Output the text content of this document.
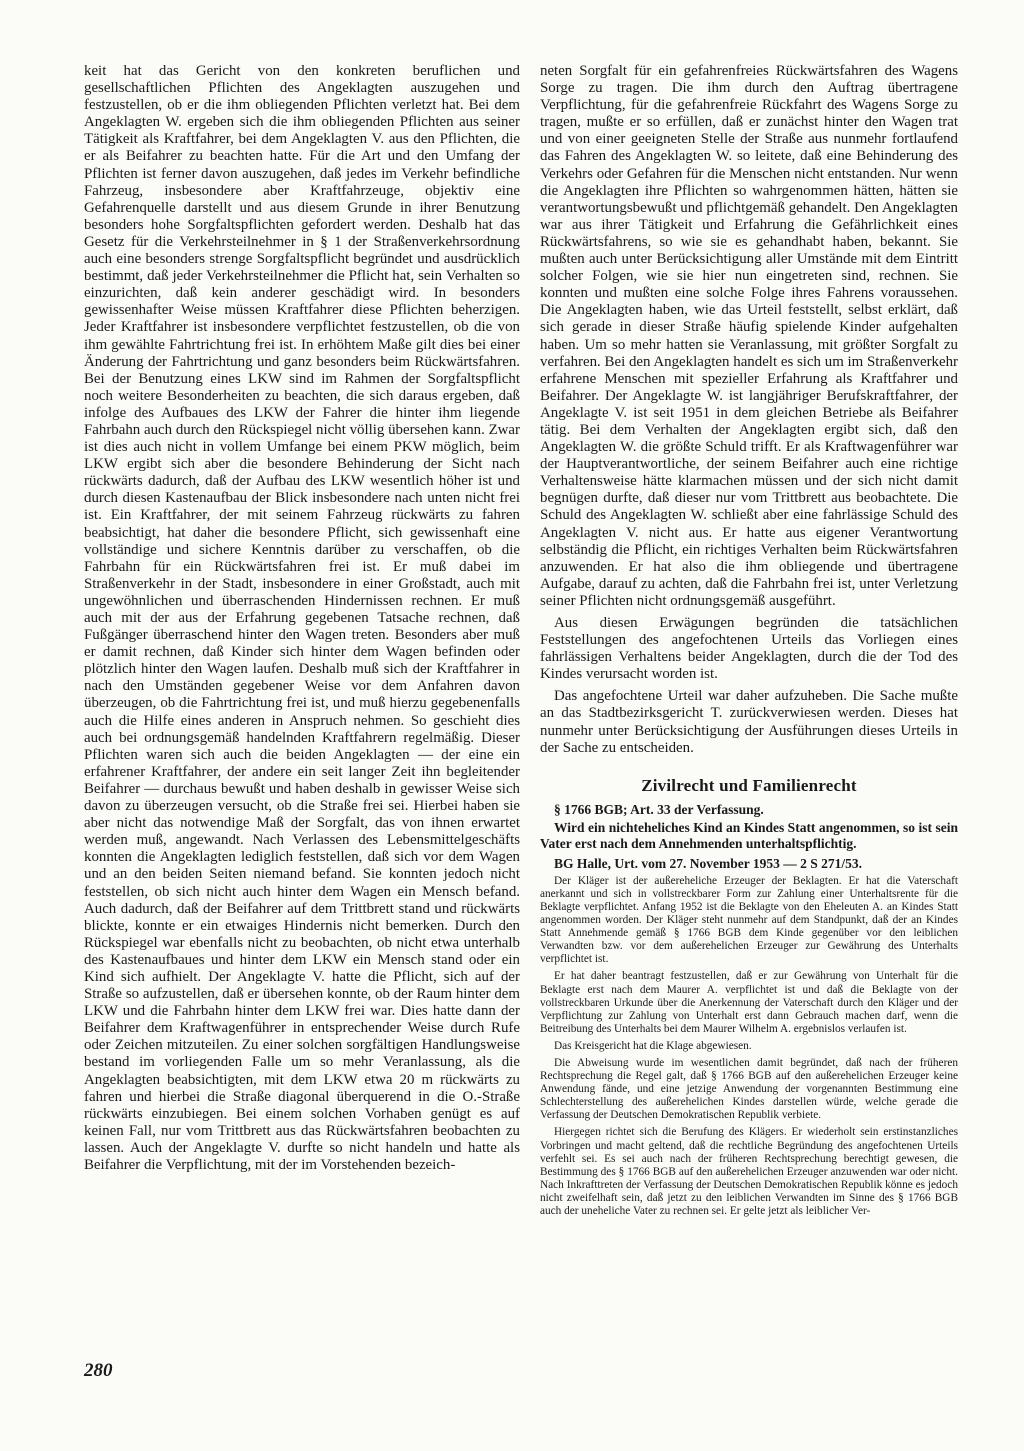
keit hat das Gericht von den konkreten beruflichen und gesellschaftlichen Pflichten des Angeklagten auszugehen und festzustellen, ob er die ihm obliegenden Pflichten verletzt hat. Bei dem Angeklagten W. ergeben sich die ihm obliegenden Pflichten aus seiner Tätigkeit als Kraftfahrer, bei dem Angeklagten V. aus den Pflichten, die er als Beifahrer zu beachten hatte. Für die Art und den Umfang der Pflichten ist ferner davon auszugehen, daß jedes im Verkehr befindliche Fahrzeug, insbesondere aber Kraftfahrzeuge, objektiv eine Gefahrenquelle darstellt und aus diesem Grunde in ihrer Benutzung besonders hohe Sorgfaltspflichten gefordert werden. Deshalb hat das Gesetz für die Verkehrsteilnehmer in § 1 der Straßenverkehrsordnung auch eine besonders strenge Sorgfaltspflicht begründet und ausdrücklich bestimmt, daß jeder Verkehrsteilnehmer die Pflicht hat, sein Verhalten so einzurichten, daß kein anderer geschädigt wird. In besonders gewissenhafter Weise müssen Kraftfahrer diese Pflichten beherzigen. Jeder Kraftfahrer ist insbesondere verpflichtet festzustellen, ob die von ihm gewählte Fahrtrichtung frei ist. In erhöhtem Maße gilt dies bei einer Änderung der Fahrtrichtung und ganz besonders beim Rückwärtsfahren. Bei der Benutzung eines LKW sind im Rahmen der Sorgfaltspflicht noch weitere Besonderheiten zu beachten, die sich daraus ergeben, daß infolge des Aufbaues des LKW der Fahrer die hinter ihm liegende Fahrbahn auch durch den Rückspiegel nicht völlig übersehen kann. Zwar ist dies auch nicht in vollem Umfange bei einem PKW möglich, beim LKW ergibt sich aber die besondere Behinderung der Sicht nach rückwärts dadurch, daß der Aufbau des LKW wesentlich höher ist und durch diesen Kastenaufbau der Blick insbesondere nach unten nicht frei ist. Ein Kraftfahrer, der mit seinem Fahrzeug rückwärts zu fahren beabsichtigt, hat daher die besondere Pflicht, sich gewissenhaft eine vollständige und sichere Kenntnis darüber zu verschaffen, ob die Fahrbahn für ein Rückwärtsfahren frei ist. Er muß dabei im Straßenverkehr in der Stadt, insbesondere in einer Großstadt, auch mit ungewöhnlichen und überraschenden Hindernissen rechnen. Er muß auch mit der aus der Erfahrung gegebenen Tatsache rechnen, daß Fußgänger überraschend hinter den Wagen treten. Besonders aber muß er damit rechnen, daß Kinder sich hinter dem Wagen befinden oder plötzlich hinter den Wagen laufen. Deshalb muß sich der Kraftfahrer in nach den Umständen gegebener Weise vor dem Anfahren davon überzeugen, ob die Fahrtrichtung frei ist, und muß hierzu gegebenenfalls auch die Hilfe eines anderen in Anspruch nehmen. So geschieht dies auch bei ordnungsgemäß handelnden Kraftfahrern regelmäßig. Dieser Pflichten waren sich auch die beiden Angeklagten — der eine ein erfahrener Kraftfahrer, der andere ein seit langer Zeit ihn begleitender Beifahrer — durchaus bewußt und haben deshalb in gewisser Weise sich davon zu überzeugen versucht, ob die Straße frei sei. Hierbei haben sie aber nicht das notwendige Maß der Sorgfalt, das von ihnen erwartet werden muß, angewandt. Nach Verlassen des Lebensmittelgeschäfts konnten die Angeklagten lediglich feststellen, daß sich vor dem Wagen und an den beiden Seiten niemand befand. Sie konnten jedoch nicht feststellen, ob sich nicht auch hinter dem Wagen ein Mensch befand. Auch dadurch, daß der Beifahrer auf dem Trittbrett stand und rückwärts blickte, konnte er ein etwaiges Hindernis nicht bemerken. Durch den Rückspiegel war ebenfalls nicht zu beobachten, ob nicht etwa unterhalb des Kastenaufbaues und hinter dem LKW ein Mensch stand oder ein Kind sich aufhielt. Der Angeklagte V. hatte die Pflicht, sich auf der Straße so aufzustellen, daß er übersehen konnte, ob der Raum hinter dem LKW und die Fahrbahn hinter dem LKW frei war. Dies hatte dann der Beifahrer dem Kraftwagenführer in entsprechender Weise durch Rufe oder Zeichen mitzuteilen. Zu einer solchen sorgfältigen Handlungsweise bestand im vorliegenden Falle um so mehr Veranlassung, als die Angeklagten beabsichtigten, mit dem LKW etwa 20 m rückwärts zu fahren und hierbei die Straße diagonal überquerend in die O.-Straße rückwärts einzubiegen. Bei einem solchen Vorhaben genügt es auf keinen Fall, nur vom Trittbrett aus das Rückwärtsfahren beobachten zu lassen. Auch der Angeklagte V. durfte so nicht handeln und hatte als Beifahrer die Verpflichtung, mit der im Vorstehenden bezeich-

neten Sorgfalt für ein gefahrenfreies Rückwärtsfahren des Wagens Sorge zu tragen. Die ihm durch den Auftrag übertragene Verpflichtung, für die gefahrenfreie Rückfahrt des Wagens Sorge zu tragen, mußte er so erfüllen, daß er zunächst hinter den Wagen trat und von einer geeigneten Stelle der Straße aus nunmehr fortlaufend das Fahren des Angeklagten W. so leitete, daß eine Behinderung des Verkehrs oder Gefahren für die Menschen nicht entstanden. Nur wenn die Angeklagten ihre Pflichten so wahrgenommen hätten, hätten sie verantwortungsbewußt und pflichtgemäß gehandelt. Den Angeklagten war aus ihrer Tätigkeit und Erfahrung die Gefährlichkeit eines Rückwärtsfahrens, so wie sie es gehandhabt haben, bekannt. Sie mußten auch unter Berücksichtigung aller Umstände mit dem Eintritt solcher Folgen, wie sie hier nun eingetreten sind, rechnen. Sie konnten und mußten eine solche Folge ihres Fahrens voraussehen. Die Angeklagten haben, wie das Urteil feststellt, selbst erklärt, daß sich gerade in dieser Straße häufig spielende Kinder aufgehalten haben. Um so mehr hatten sie Veranlassung, mit größter Sorgfalt zu verfahren. Bei den Angeklagten handelt es sich um im Straßenverkehr erfahrene Menschen mit spezieller Erfahrung als Kraftfahrer und Beifahrer. Der Angeklagte W. ist langjähriger Berufskraftfahrer, der Angeklagte V. ist seit 1951 in dem gleichen Betriebe als Beifahrer tätig. Bei dem Verhalten der Angeklagten ergibt sich, daß den Angeklagten W. die größte Schuld trifft. Er als Kraftwagenführer war der Hauptverantwortliche, der seinem Beifahrer auch eine richtige Verhaltensweise hätte klarmachen müssen und der sich nicht damit begnügen durfte, daß dieser nur vom Trittbrett aus beobachtete. Die Schuld des Angeklagten W. schließt aber eine fahrlässige Schuld des Angeklagten V. nicht aus. Er hatte aus eigener Verantwortung selbständig die Pflicht, ein richtiges Verhalten beim Rückwärtsfahren anzuwenden. Er hat also die ihm obliegende und übertragene Aufgabe, darauf zu achten, daß die Fahrbahn frei ist, unter Verletzung seiner Pflichten nicht ordnungsgemäß ausgeführt.

Aus diesen Erwägungen begründen die tatsächlichen Feststellungen des angefochtenen Urteils das Vorliegen eines fahrlässigen Verhaltens beider Angeklagten, durch die der Tod des Kindes verursacht worden ist.

Das angefochtene Urteil war daher aufzuheben. Die Sache mußte an das Stadtbezirksgericht T. zurückverwiesen werden. Dieses hat nunmehr unter Berücksichtigung der Ausführungen dieses Urteils in der Sache zu entscheiden.

Zivilrecht und Familienrecht

§ 1766 BGB; Art. 33 der Verfassung.

Wird ein nichteheliches Kind an Kindes Statt angenommen, so ist sein Vater erst nach dem Annehmenden unterhaltspflichtig.

BG Halle, Urt. vom 27. November 1953 — 2 S 271/53.

Der Kläger ist der außereheliche Erzeuger der Beklagten. Er hat die Vaterschaft anerkannt und sich in vollstreckbarer Form zur Zahlung einer Unterhaltsrente für die Beklagte verpflichtet. Anfang 1952 ist die Beklagte von den Eheleuten A. an Kindes Statt angenommen worden. Der Kläger steht nunmehr auf dem Standpunkt, daß der an Kindes Statt Annehmende gemäß § 1766 BGB dem Kinde gegenüber vor den leiblichen Verwandten bzw. vor dem außerehelichen Erzeuger zur Gewährung des Unterhalts verpflichtet ist.

Er hat daher beantragt festzustellen, daß er zur Gewährung von Unterhalt für die Beklagte erst nach dem Maurer A. verpflichtet ist und daß die Beklagte von der vollstreckbaren Urkunde über die Anerkennung der Vaterschaft durch den Kläger und der Verpflichtung zur Zahlung von Unterhalt erst dann Gebrauch machen darf, wenn die Beitreibung des Unterhalts bei dem Maurer Wilhelm A. ergebnislos verlaufen ist.

Das Kreisgericht hat die Klage abgewiesen.

Die Abweisung wurde im wesentlichen damit begründet, daß nach der früheren Rechtsprechung die Regel galt, daß § 1766 BGB auf den außerehelichen Erzeuger keine Anwendung fände, und eine jetzige Anwendung der vorgenannten Bestimmung eine Schlechterstellung des außerehelichen Kindes darstellen würde, welche gerade die Verfassung der Deutschen Demokratischen Republik verbiete.

Hiergegen richtet sich die Berufung des Klägers. Er wiederholt sein erstinstanzliches Vorbringen und macht geltend, daß die rechtliche Begründung des angefochtenen Urteils verfehlt sei. Es sei auch nach der früheren Rechtsprechung berechtigt gewesen, die Bestimmung des § 1766 BGB auf den außerehelichen Erzeuger anzuwenden war oder nicht. Nach Inkrafttreten der Verfassung der Deutschen Demokratischen Republik könne es jedoch nicht zweifelhaft sein, daß jetzt zu den leiblichen Verwandten im Sinne des § 1766 BGB auch der uneheliche Vater zu rechnen sei. Er gelte jetzt als leiblicher Ver-

280
